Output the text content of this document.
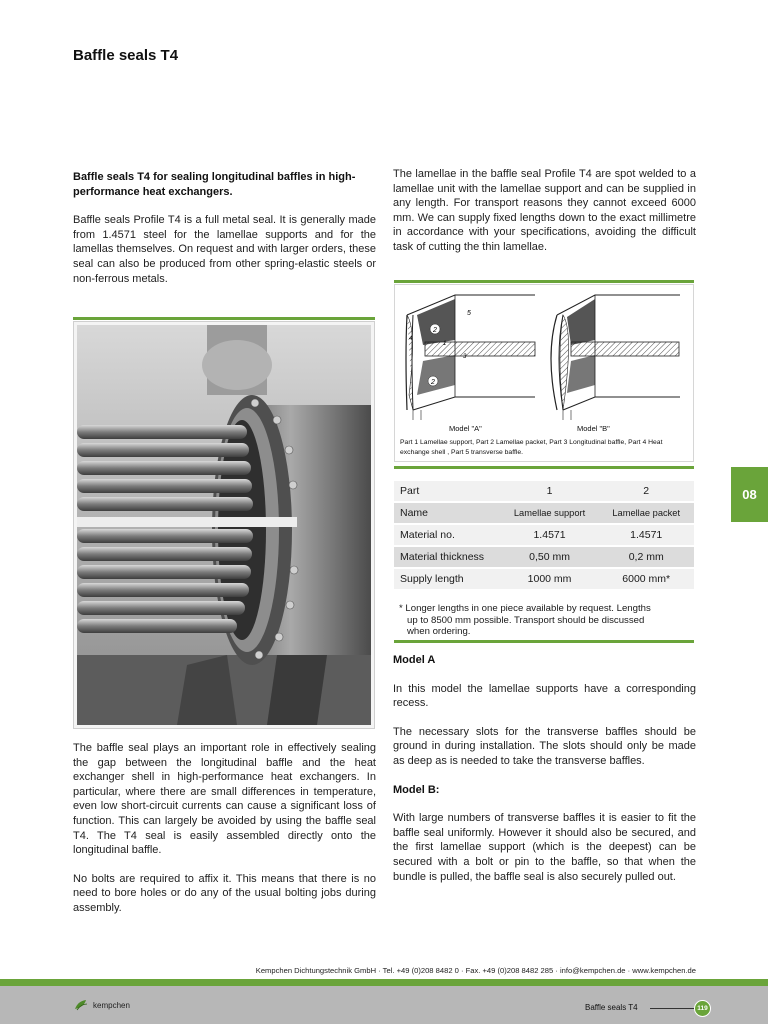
Baffle seals T4

Baffle seals T4 for sealing longitudinal baffles in high-performance heat exchangers.

Baffle seals Profile T4 is a full metal seal. It is generally made from 1.4571 steel for the lamellae supports and for the lamellas themselves. On request and with larger orders, these seal can also be produced from other spring-elastic steels or non-ferrous metals.

The baffle seal plays an important role in effectively sealing the gap between the longitudinal baffle and the heat exchanger shell in high-performance heat exchangers. In particular, where there are small differences in temperature, even low short-circuit currents can cause a significant loss of function. This can largely be avoided by using the baffle seal T4. The T4 seal is easily assembled directly onto the longitudinal baffle.

No bolts are required to affix it. This means that there is no need to bore holes or do any of the usual bolting jobs during assembly.

The lamellae in the baffle seal Profile T4 are spot welded to a lamellae unit with the lamellae support and can be supplied in any length. For transport reasons they cannot exceed 6000 mm. We can supply fixed lengths down to the exact millimetre in accordance with your specifications, avoiding the difficult task of cutting the thin lamellae.

2
5
1
3
4
2
Model "A"	Model "B"
Part 1 Lamellae support, Part 2 Lamellae packet, Part 3 Longitudinal baffle, Part 4 Heat exchange shell , Part 5 transverse baffle.
Part	1	2
Name	Lamellae support	Lamellae packet
Material no.	1.4571	1.4571
Material thickness	0,50 mm	0,2 mm
Supply length	1000 mm	6000 mm*
* Longer lengths in one piece available by request. Lengths
up to 8500 mm possible. Transport should be discussed
when ordering.

Model A

In this model the lamellae supports have a corresponding recess.

The necessary slots for the transverse baffles should be ground in during installation. The slots should only be made as deep as is needed to take the transverse baffles.

Model B:

With large numbers of transverse baffles it is easier to fit the baffle seal uniformly. However it should also be secured, and the first lamellae support (which is the deepest) can be secured with a bolt or pin to the baffle, so that when the bundle is pulled, the baffle seal is also securely pulled out.

08
Kempchen Dichtungstechnik GmbH · Tel. +49 (0)208 8482 0 · Fax. +49 (0)208 8482 285 · info@kempchen.de · www.kempchen.de
kempchen	Baffle seals T4	119
